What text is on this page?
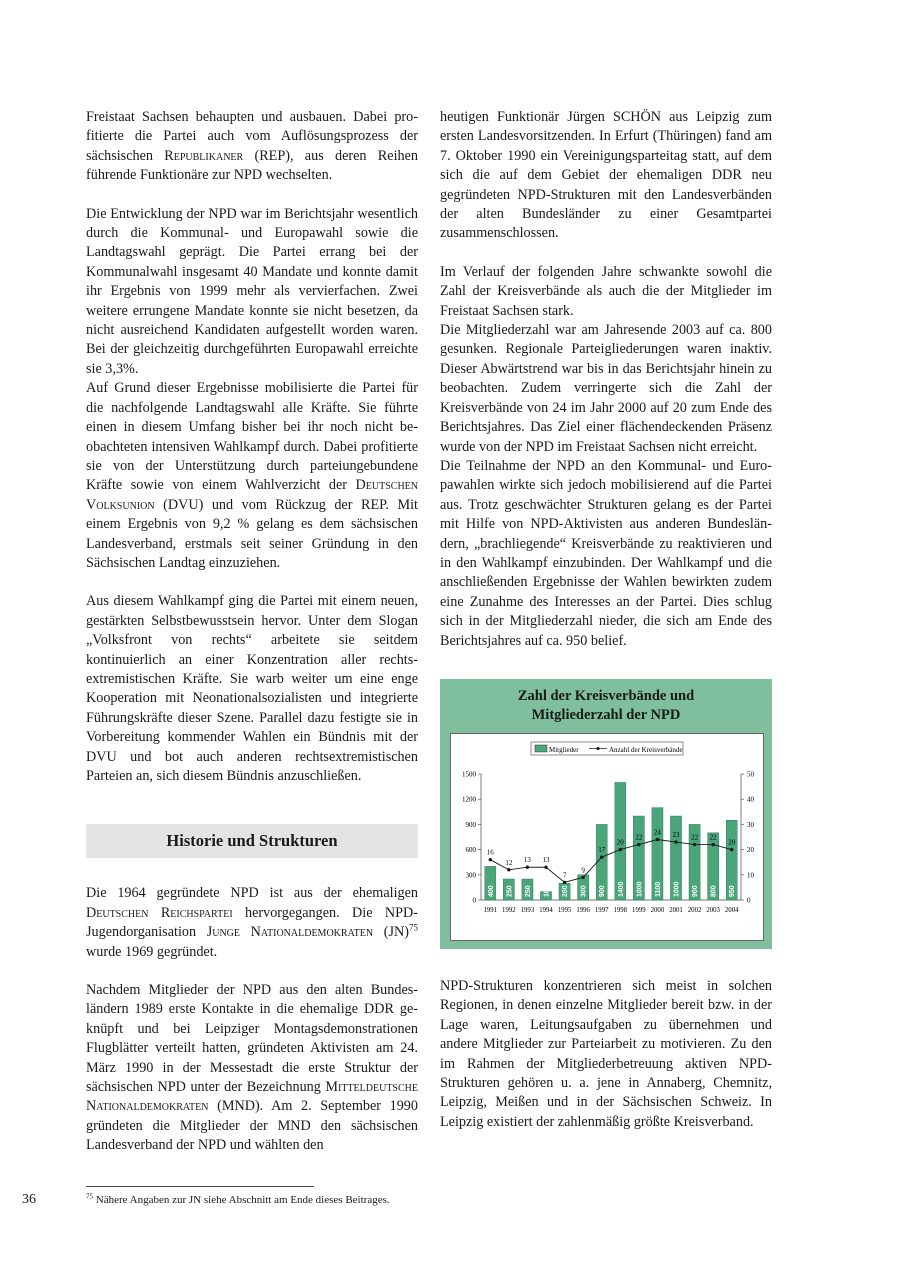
Freistaat Sachsen behaupten und ausbauen. Dabei profitierte die Partei auch vom Auflösungsprozess der sächsischen Republikaner (REP), aus deren Reihen führende Funktionäre zur NPD wechselten.

Die Entwicklung der NPD war im Berichtsjahr wesentlich durch die Kommunal- und Europawahl sowie die Landtagswahl geprägt. Die Partei errang bei der Kommunalwahl insgesamt 40 Mandate und konnte damit ihr Ergebnis von 1999 mehr als vervierfachen. Zwei weitere errungene Mandate konnte sie nicht besetzen, da nicht ausreichend Kandidaten aufgestellt worden waren. Bei der gleichzeitig durchgeführten Europawahl erreichte sie 3,3%.

Auf Grund dieser Ergebnisse mobilisierte die Partei für die nachfolgende Landtagswahl alle Kräfte. Sie führte einen in diesem Umfang bisher bei ihr noch nicht beobachteten intensiven Wahlkampf durch. Dabei profitierte sie von der Unterstützung durch parteiungebundene Kräfte sowie von einem Wahlverzicht der Deutschen Volksunion (DVU) und vom Rückzug der REP. Mit einem Ergebnis von 9,2 % gelang es dem sächsischen Landesverband, erstmals seit seiner Gründung in den Sächsischen Landtag einzuziehen.

Aus diesem Wahlkampf ging die Partei mit einem neuen, gestärkten Selbstbewusstsein hervor. Unter dem Slogan „Volksfront von rechts“ arbeitete sie seitdem kontinuierlich an einer Konzentration aller rechtsextremistischen Kräfte. Sie warb weiter um eine enge Kooperation mit Neonationalsozialisten und integrierte Führungskräfte dieser Szene. Parallel dazu festigte sie in Vorbereitung kommender Wahlen ein Bündnis mit der DVU und bot auch anderen rechtsextremistischen Parteien an, sich diesem Bündnis anzuschließen.

Historie und Strukturen

Die 1964 gegründete NPD ist aus der ehemaligen Deutschen Reichspartei hervorgegangen. Die NPD-Jugendorganisation Junge Nationaldemokraten (JN)$^{75}$ wurde 1969 gegründet.

Nachdem Mitglieder der NPD aus den alten Bundesländern 1989 erste Kontakte in die ehemalige DDR geknüpft und bei Leipziger Montagsdemonstrationen Flugblätter verteilt hatten, gründeten Aktivisten am 24. März 1990 in der Messestadt die erste Struktur der sächsischen NPD unter der Bezeichnung Mitteldeutsche Nationaldemokraten (MND). Am 2. September 1990 gründeten die Mitglieder der MND den sächsischen Landesverband der NPD und wählten den

heutigen Funktionär Jürgen SCHÖN aus Leipzig zum ersten Landesvorsitzenden. In Erfurt (Thüringen) fand am 7. Oktober 1990 ein Vereinigungsparteitag statt, auf dem sich die auf dem Gebiet der ehemaligen DDR neu gegründeten NPD-Strukturen mit den Landesverbänden der alten Bundesländer zu einer Gesamtpartei zusammenschlossen.

Im Verlauf der folgenden Jahre schwankte sowohl die Zahl der Kreisverbände als auch die der Mitglieder im Freistaat Sachsen stark.

Die Mitgliederzahl war am Jahresende 2003 auf ca. 800 gesunken. Regionale Parteigliederungen waren inaktiv. Dieser Abwärtstrend war bis in das Berichtsjahr hinein zu beobachten. Zudem verringerte sich die Zahl der Kreisverbände von 24 im Jahr 2000 auf 20 zum Ende des Berichtsjahres. Das Ziel einer flächendeckenden Präsenz wurde von der NPD im Freistaat Sachsen nicht erreicht.

Die Teilnahme der NPD an den Kommunal- und Europawahlen wirkte sich jedoch mobilisierend auf die Partei aus. Trotz geschwächter Strukturen gelang es der Partei mit Hilfe von NPD-Aktivisten aus anderen Bundesländern, „brachliegende“ Kreisverbände zu reaktivieren und in den Wahlkampf einzubinden. Der Wahlkampf und die anschließenden Ergebnisse der Wahlen bewirkten zudem eine Zunahme des Interesses an der Partei. Dies schlug sich in der Mitgliederzahl nieder, die sich am Ende des Berichtsjahres auf ca. 950 belief.

Zahl der Kreisverbände und
Mitgliederzahl der NPD
Mitglieder	Anzahl der Kreisverbände
0
300
600
900
1200
1500
0
10
20
30
40
50
400 250 250 100 200 300 900 1400 1000 1100 1000 900 800 950
16
12 13 13
7
9
17
20
22
24 23 22 22
20
1991 1992 1993 1994 1995 1996 1997 1998 1999 2000 2001 2002 2003 2004

NPD-Strukturen konzentrieren sich meist in solchen Regionen, in denen einzelne Mitglieder bereit bzw. in der Lage waren, Leitungsaufgaben zu übernehmen und andere Mitglieder zur Parteiarbeit zu motivieren. Zu den im Rahmen der Mitgliederbetreuung aktiven NPD-Strukturen gehören u. a. jene in Annaberg, Chemnitz, Leipzig, Meißen und in der Sächsischen Schweiz. In Leipzig existiert der zahlenmäßig größte Kreisverband.

36	$^{75}$ Nähere Angaben zur JN siehe Abschnitt am Ende dieses Beitrages.
